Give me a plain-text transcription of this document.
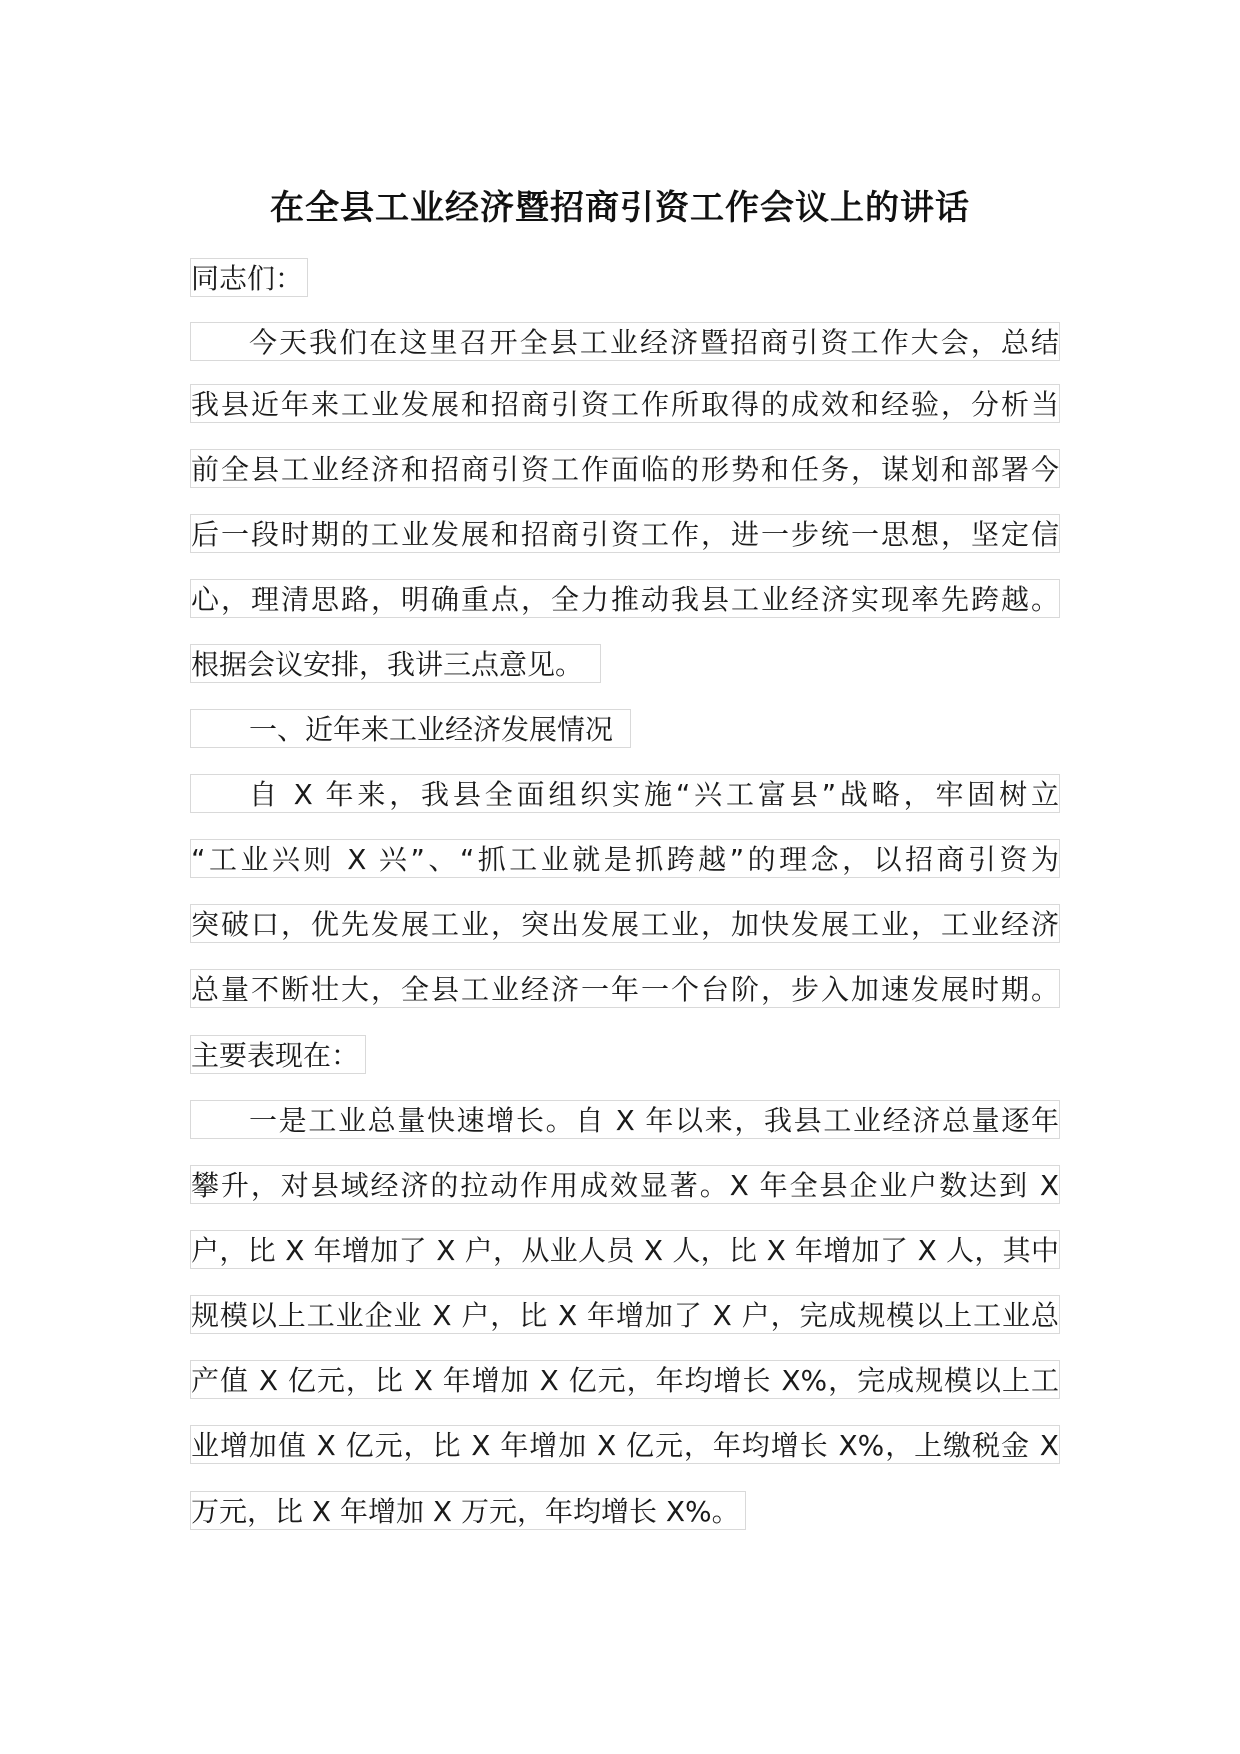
在全县工业经济暨招商引资工作会议上的讲话
同志们：
今天我们在这里召开全县工业经济暨招商引资工作大会，总结
我县近年来工业发展和招商引资工作所取得的成效和经验，分析当
前全县工业经济和招商引资工作面临的形势和任务，谋划和部署今
后一段时期的工业发展和招商引资工作，进一步统一思想，坚定信
心，理清思路，明确重点，全力推动我县工业经济实现率先跨越。
根据会议安排，我讲三点意见。
一、近年来工业经济发展情况
自 X 年来，我县全面组织实施“兴工富县”战略，牢固树立
“工业兴则 X 兴”、“抓工业就是抓跨越”的理念，以招商引资为
突破口，优先发展工业，突出发展工业，加快发展工业，工业经济
总量不断壮大，全县工业经济一年一个台阶，步入加速发展时期。
主要表现在：
一是工业总量快速增长。自 X 年以来，我县工业经济总量逐年
攀升，对县域经济的拉动作用成效显著。X 年全县企业户数达到 X
户，比 X 年增加了 X 户，从业人员 X 人，比 X 年增加了 X 人，其中
规模以上工业企业 X 户，比 X 年增加了 X 户，完成规模以上工业总
产值 X 亿元，比 X 年增加 X 亿元，年均增长 X%，完成规模以上工
业增加值 X 亿元，比 X 年增加 X 亿元，年均增长 X%，上缴税金 X
万元，比 X 年增加 X 万元，年均增长 X%。
